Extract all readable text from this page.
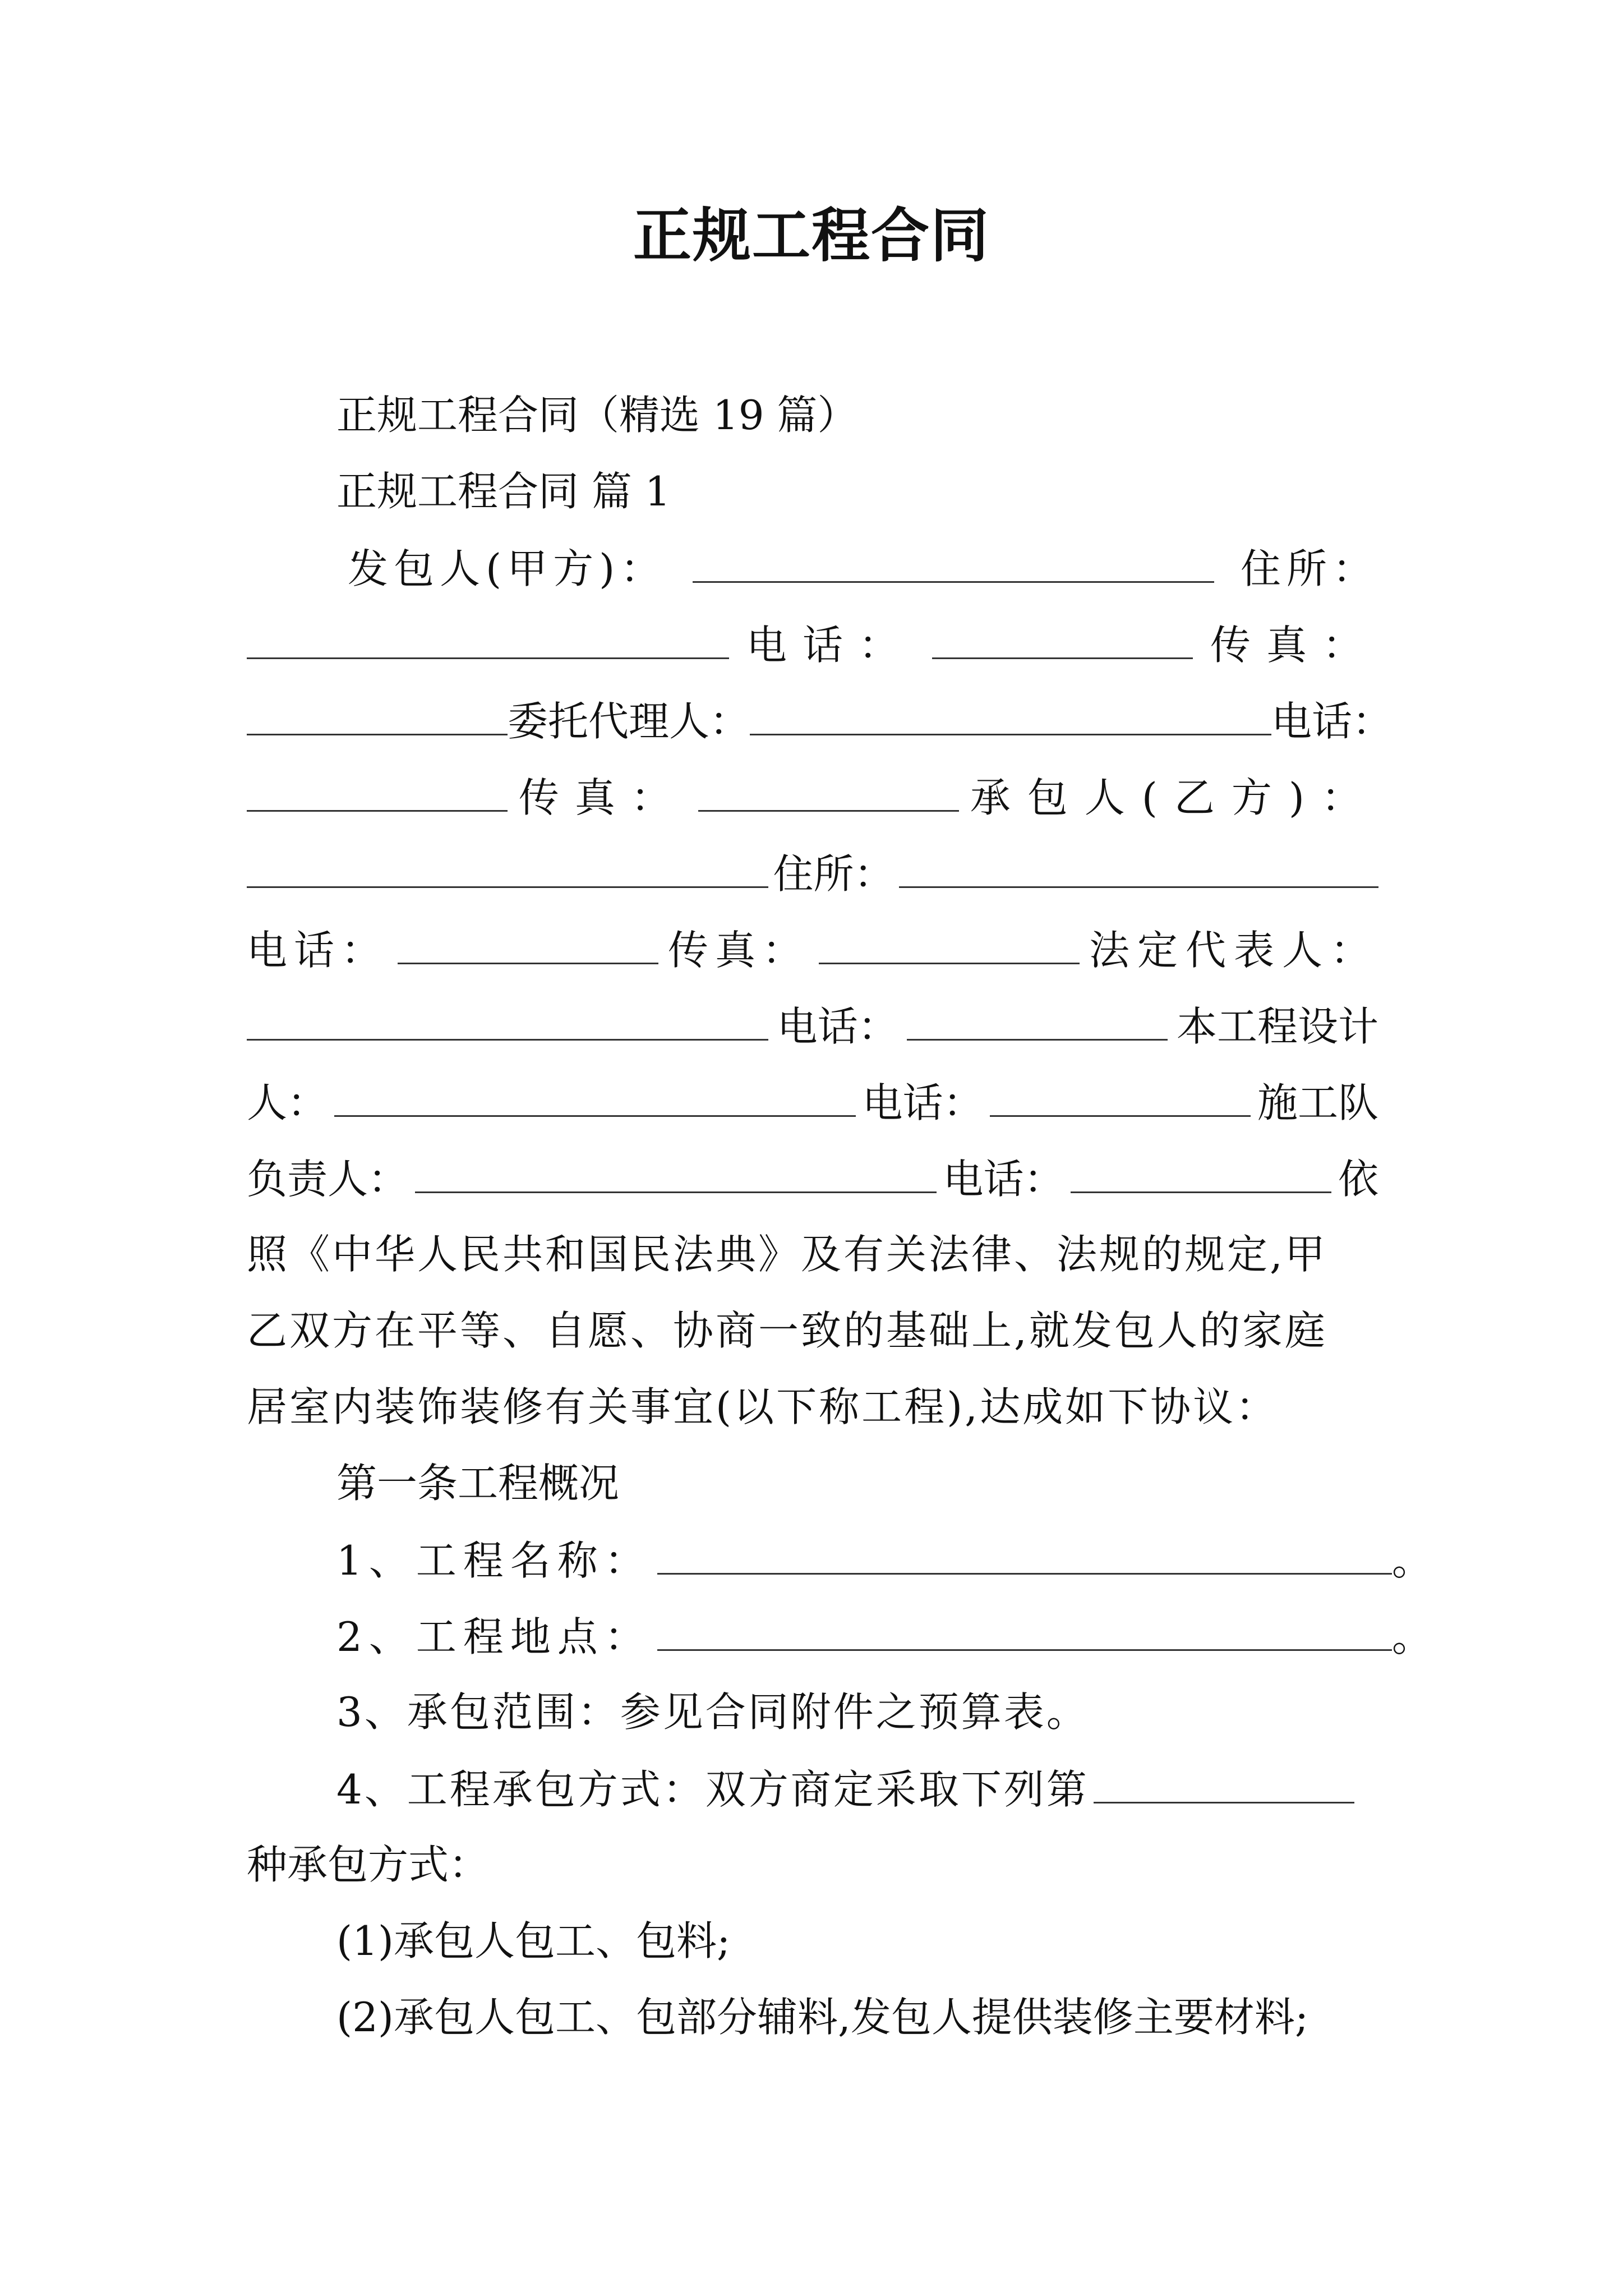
正规工程合同
正规工程合同（精选 19 篇）
正规工程合同 篇 1
发包人(甲方)：	住所：
电话：	传真：
委托代理人：	电话：
传真：	承包人(乙方)：
住所：
电话：	传真：	法定代表人：
电话：	本工程设计
人：	电话：	施工队
负责人：	电话：	依
照《中华人民共和国民法典》及有关法律、法规的规定,甲
乙双方在平等、自愿、协商一致的基础上,就发包人的家庭
居室内装饰装修有关事宜(以下称工程),达成如下协议：
第一条工程概况
1、工程名称：	。
2、工程地点：	。
3、承包范围：参见合同附件之预算表。
4、工程承包方式：双方商定采取下列第
种承包方式：
(1)承包人包工、包料;
(2)承包人包工、包部分辅料,发包人提供装修主要材料;
